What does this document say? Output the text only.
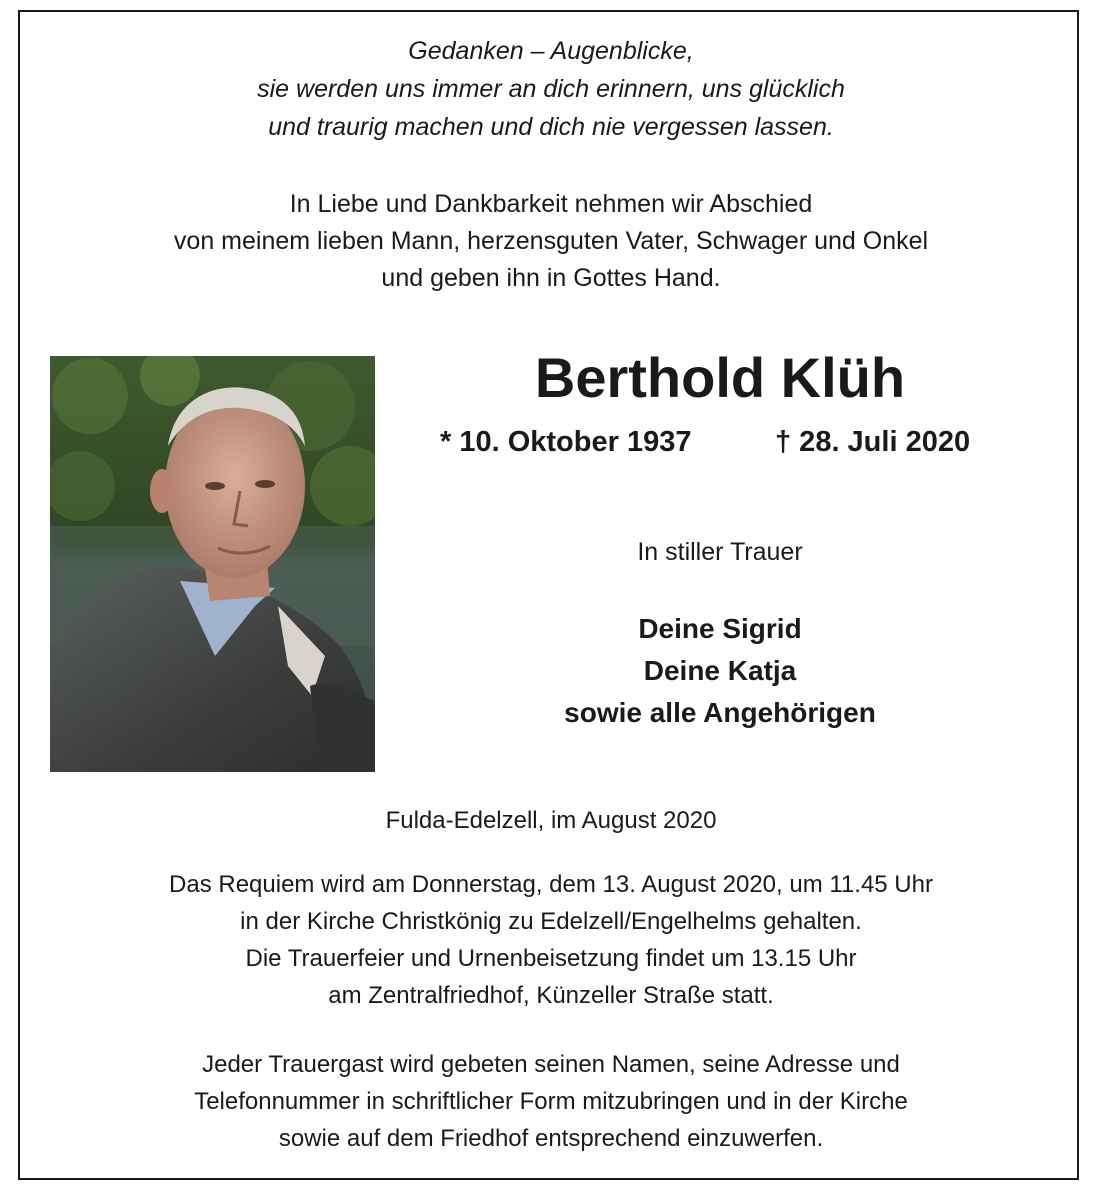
Gedanken – Augenblicke,
sie werden uns immer an dich erinnern, uns glücklich
und traurig machen und dich nie vergessen lassen.
In Liebe und Dankbarkeit nehmen wir Abschied
von meinem lieben Mann, herzensguten Vater, Schwager und Onkel
und geben ihn in Gottes Hand.
Berthold Klüh
* 10. Oktober 1937	† 28. Juli 2020
In stiller Trauer
Deine Sigrid
Deine Katja
sowie alle Angehörigen
Fulda-Edelzell, im August 2020
Das Requiem wird am Donnerstag, dem 13. August 2020, um 11.45 Uhr
in der Kirche Christkönig zu Edelzell/Engelhelms gehalten.
Die Trauerfeier und Urnenbeisetzung findet um 13.15 Uhr
am Zentralfriedhof, Künzeller Straße statt.
Jeder Trauergast wird gebeten seinen Namen, seine Adresse und
Telefonnummer in schriftlicher Form mitzubringen und in der Kirche
sowie auf dem Friedhof entsprechend einzuwerfen.
